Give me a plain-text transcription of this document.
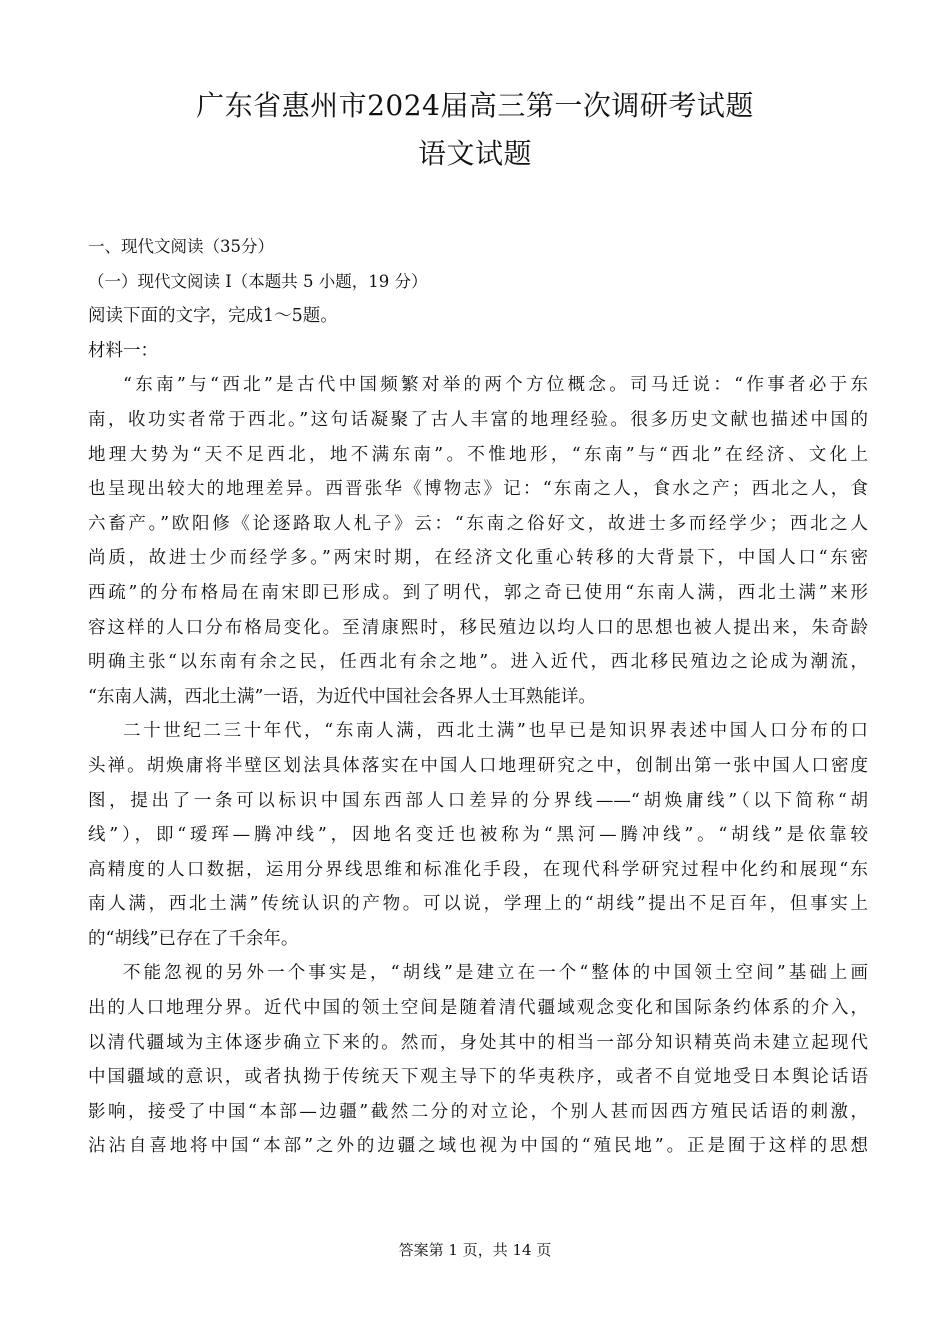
广东省惠州市2024届高三第一次调研考试题
语文试题
一、现代文阅读（35分）
（一）现代文阅读 I（本题共 5 小题，19 分）
阅读下面的文字，完成1～5题。
材料一：
“东南”与“西北”是古代中国频繁对举的两个方位概念。司马迁说：“作事者必于东
南，收功实者常于西北。”这句话凝聚了古人丰富的地理经验。很多历史文献也描述中国的
地理大势为“天不足西北，地不满东南”。不惟地形，“东南”与“西北”在经济、文化上
也呈现出较大的地理差异。西晋张华《博物志》记：“东南之人，食水之产；西北之人，食
六畜产。”欧阳修《论逐路取人札子》云：“东南之俗好文，故进士多而经学少；西北之人
尚质，故进士少而经学多。”两宋时期，在经济文化重心转移的大背景下，中国人口“东密
西疏”的分布格局在南宋即已形成。到了明代，郭之奇已使用“东南人满，西北土满”来形
容这样的人口分布格局变化。至清康熙时，移民殖边以均人口的思想也被人提出来，朱奇龄
明确主张“以东南有余之民，任西北有余之地”。进入近代，西北移民殖边之论成为潮流，
“东南人满，西北土满”一语，为近代中国社会各界人士耳熟能详。
二十世纪二三十年代，“东南人满，西北土满”也早已是知识界表述中国人口分布的口
头禅。胡焕庸将半壁区划法具体落实在中国人口地理研究之中，创制出第一张中国人口密度
图，提出了一条可以标识中国东西部人口差异的分界线——“胡焕庸线”（以下简称“胡
线”），即“瑷珲—腾冲线”，因地名变迁也被称为“黑河—腾冲线”。“胡线”是依靠较
高精度的人口数据，运用分界线思维和标准化手段，在现代科学研究过程中化约和展现“东
南人满，西北土满”传统认识的产物。可以说，学理上的“胡线”提出不足百年，但事实上
的“胡线”已存在了千余年。
不能忽视的另外一个事实是，“胡线”是建立在一个“整体的中国领土空间”基础上画
出的人口地理分界。近代中国的领土空间是随着清代疆域观念变化和国际条约体系的介入，
以清代疆域为主体逐步确立下来的。然而，身处其中的相当一部分知识精英尚未建立起现代
中国疆域的意识，或者执拗于传统天下观主导下的华夷秩序，或者不自觉地受日本舆论话语
影响，接受了中国“本部—边疆”截然二分的对立论，个别人甚而因西方殖民话语的刺激，
沾沾自喜地将中国“本部”之外的边疆之域也视为中国的“殖民地”。正是囿于这样的思想
答案第 1 页，共 14 页
